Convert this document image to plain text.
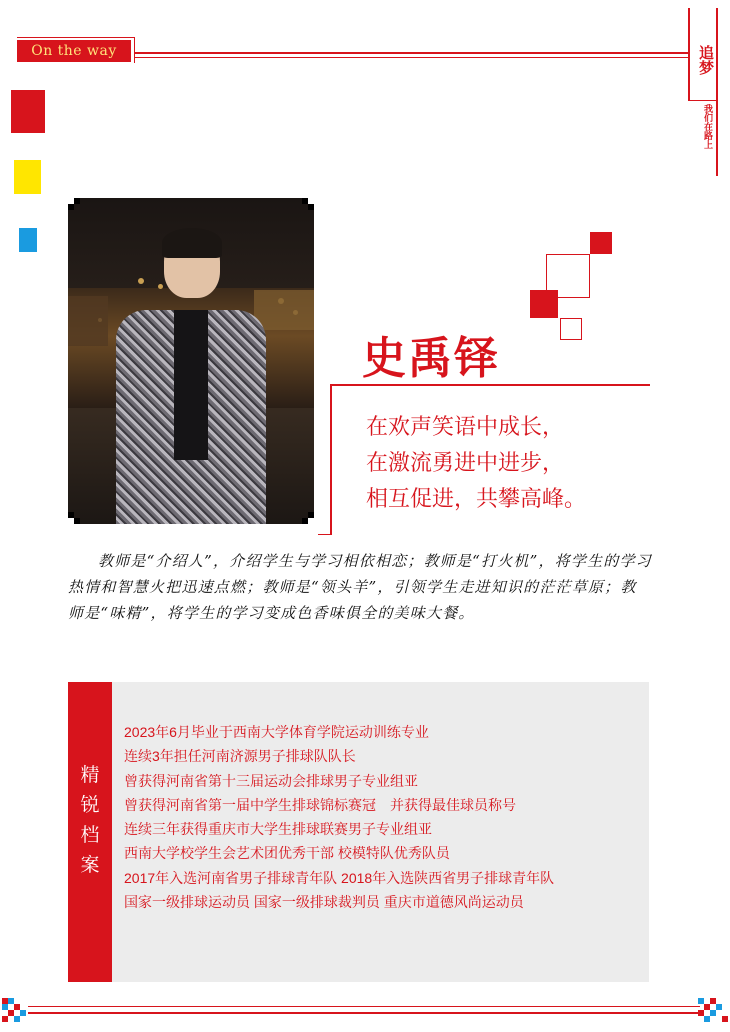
On the way	追梦
我们在路上
史禹铎
在欢声笑语中成长，
在激流勇进中进步，
相互促进，共攀高峰。
教师是“介绍人”，介绍学生与学习相依相恋；教师是“打火机”，将学生的学习热情和智慧火把迅速点燃；教师是“领头羊”，引领学生走进知识的茫茫草原；教师是“味精”，将学生的学习变成色香味俱全的美味大餐。
精
锐
档
案
2023年6月毕业于西南大学体育学院运动训练专业
连续3年担任河南济源男子排球队队长
曾获得河南省第十三届运动会排球男子专业组亚
曾获得河南省第一届中学生排球锦标赛冠　并获得最佳球员称号
连续三年获得重庆市大学生排球联赛男子专业组亚
西南大学校学生会艺术团优秀干部 校模特队优秀队员
2017年入选河南省男子排球青年队 2018年入选陕西省男子排球青年队
国家一级排球运动员 国家一级排球裁判员 重庆市道德风尚运动员
